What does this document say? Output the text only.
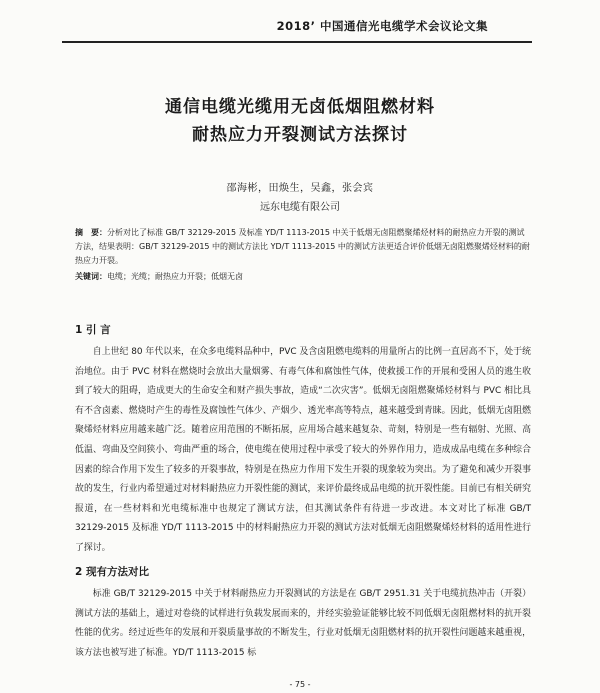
2018’ 中国通信光电缆学术会议论文集
通信电缆光缆用无卤低烟阻燃材料
耐热应力开裂测试方法探讨
邵海彬，田焕生，吴鑫，张会宾
远东电缆有限公司
摘　要：分析对比了标准 GB/T 32129-2015 及标准 YD/T 1113-2015 中关于低烟无卤阻燃聚烯烃材料的耐热应力开裂的测试方法，结果表明：GB/T 32129-2015 中的测试方法比 YD/T 1113-2015 中的测试方法更适合评价低烟无卤阻燃聚烯烃材料的耐热应力开裂。
关键词：电缆；光缆；耐热应力开裂；低烟无卤
1 引 言
自上世纪 80 年代以来，在众多电缆料品种中，PVC 及含卤阻燃电缆料的用量所占的比例一直居高不下，处于统治地位。由于 PVC 材料在燃烧时会放出大量烟雾、有毒气体和腐蚀性气体，使救援工作的开展和受困人员的逃生收到了较大的阻碍，造成更大的生命安全和财产损失事故，造成“二次灾害”。低烟无卤阻燃聚烯烃材料与 PVC 相比具有不含卤素、燃烧时产生的毒性及腐蚀性气体少、产烟少、透光率高等特点，越来越受到青睐。因此，低烟无卤阻燃聚烯烃材料应用越来越广泛。随着应用范围的不断拓展，应用场合越来越复杂、苛刻，特别是一些有辐射、光照、高低温、弯曲及空间狭小、弯曲严重的场合，使电缆在使用过程中承受了较大的外界作用力，造成成品电缆在多种综合因素的综合作用下发生了较多的开裂事故，特别是在热应力作用下发生开裂的现象较为突出。为了避免和减少开裂事故的发生，行业内希望通过对材料耐热应力开裂性能的测试，来评价最终成品电缆的抗开裂性能。目前已有相关研究报道，在一些材料和光电缆标准中也规定了测试方法，但其测试条件有待进一步改进。本文对比了标准 GB/T 32129-2015 及标准 YD/T 1113-2015 中的材料耐热应力开裂的测试方法对低烟无卤阻燃聚烯烃材料的适用性进行了探讨。
2 现有方法对比
标准 GB/T 32129-2015 中关于材料耐热应力开裂测试的方法是在 GB/T 2951.31 关于电缆抗热冲击（开裂）测试方法的基础上，通过对卷绕的试样进行负载发展而来的，并经实验验证能够比较不同低烟无卤阻燃材料的抗开裂性能的优劣。经过近些年的发展和开裂质量事故的不断发生，行业对低烟无卤阻燃材料的抗开裂性问题越来越重视，该方法也被写进了标准。YD/T 1113-2015 标
- 75 -
